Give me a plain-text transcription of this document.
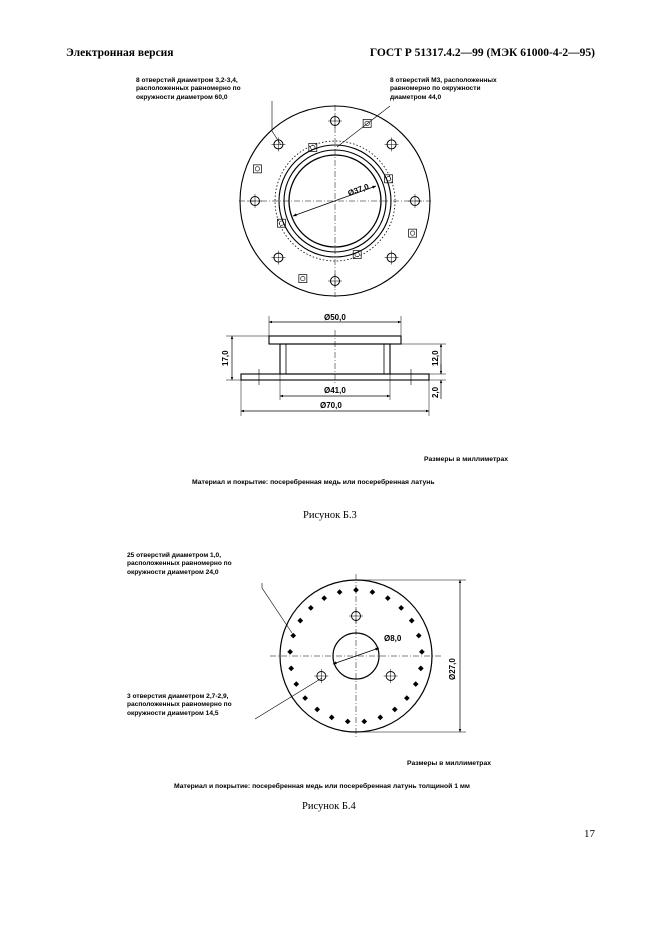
Электронная версия	ГОСТ Р 51317.4.2—99 (МЭК 61000-4-2—95)
8 отверстий диаметром 3,2-3,4,
расположенных равномерно по
окружности диаметром 60,0
8 отверстий М3, расположенных
равномерно по окружности
диаметром 44,0
Ø37,0
Ø50,0
17,0	12,0
2,0
Ø41,0
Ø70,0
Ø8,0
Ø27,0
Размеры в миллиметрах
Материал и покрытие: посеребренная медь или посеребренная латунь
Рисунок Б.3
25 отверстий диаметром 1,0,
расположенных равномерно по
окружности диаметром 24,0
3 отверстия диаметром 2,7-2,9,
расположенных равномерно по
окружности диаметром 14,5
Размеры в миллиметрах
Материал и покрытие: посеребренная медь или посеребренная латунь толщиной 1 мм
Рисунок Б.4
17
